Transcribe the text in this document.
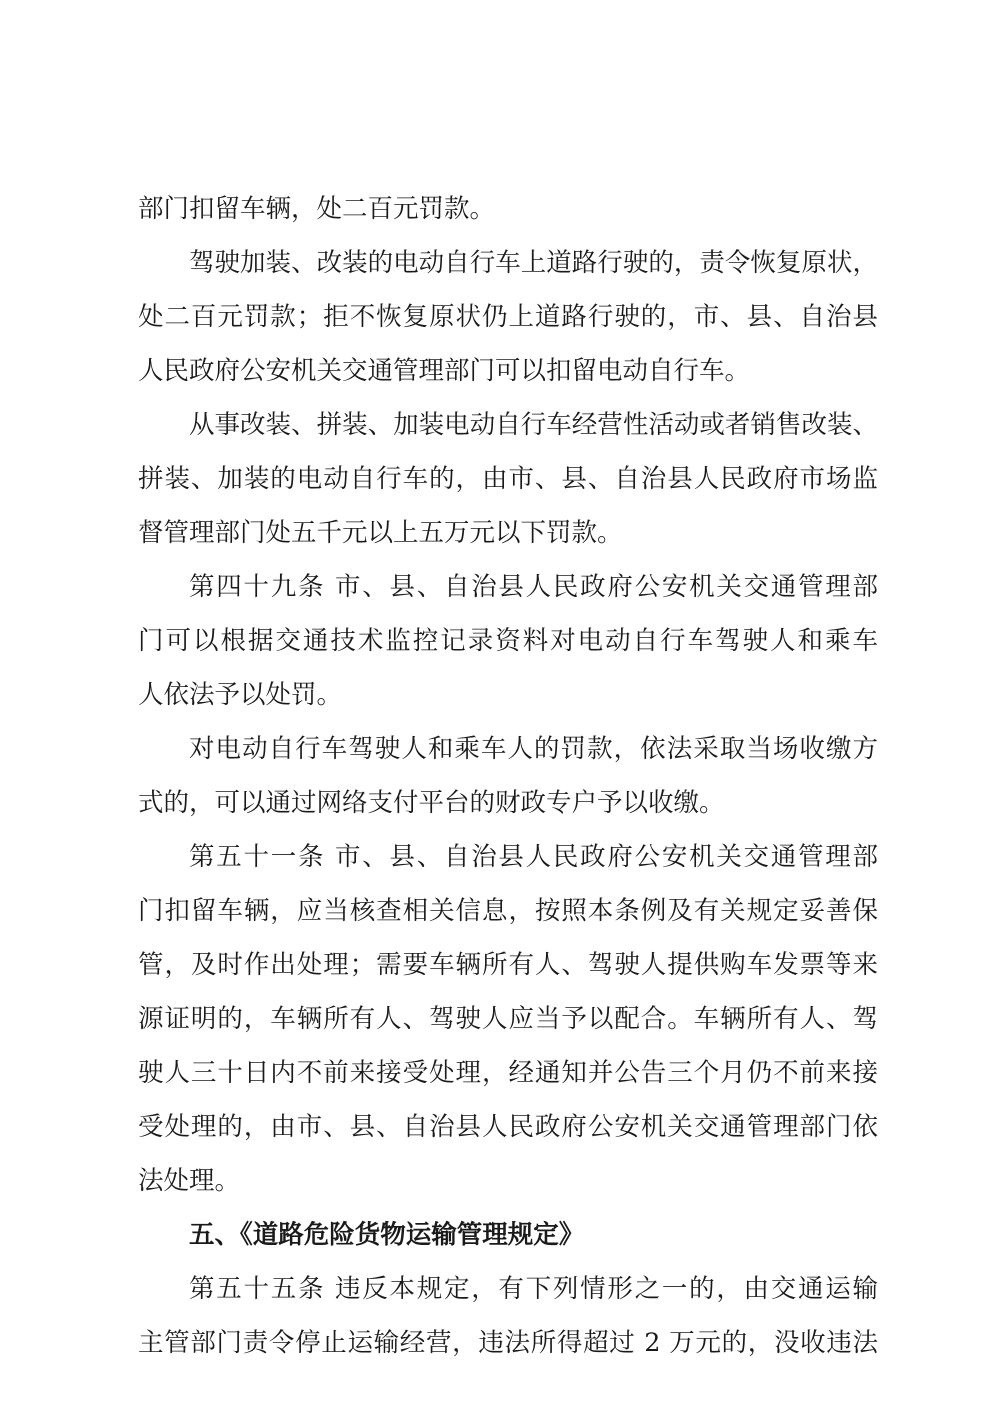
部门扣留车辆，处二百元罚款。
驾驶加装、改装的电动自行车上道路行驶的，责令恢复原状，
处二百元罚款；拒不恢复原状仍上道路行驶的，市、县、自治县
人民政府公安机关交通管理部门可以扣留电动自行车。
从事改装、拼装、加装电动自行车经营性活动或者销售改装、
拼装、加装的电动自行车的，由市、县、自治县人民政府市场监
督管理部门处五千元以上五万元以下罚款。
第四十九条 市、县、自治县人民政府公安机关交通管理部
门可以根据交通技术监控记录资料对电动自行车驾驶人和乘车
人依法予以处罚。
对电动自行车驾驶人和乘车人的罚款，依法采取当场收缴方
式的，可以通过网络支付平台的财政专户予以收缴。
第五十一条 市、县、自治县人民政府公安机关交通管理部
门扣留车辆，应当核查相关信息，按照本条例及有关规定妥善保
管，及时作出处理；需要车辆所有人、驾驶人提供购车发票等来
源证明的，车辆所有人、驾驶人应当予以配合。车辆所有人、驾
驶人三十日内不前来接受处理，经通知并公告三个月仍不前来接
受处理的，由市、县、自治县人民政府公安机关交通管理部门依
法处理。
五、《道路危险货物运输管理规定》
第五十五条 违反本规定，有下列情形之一的，由交通运输
主管部门责令停止运输经营，违法所得超过 2 万元的，没收违法
